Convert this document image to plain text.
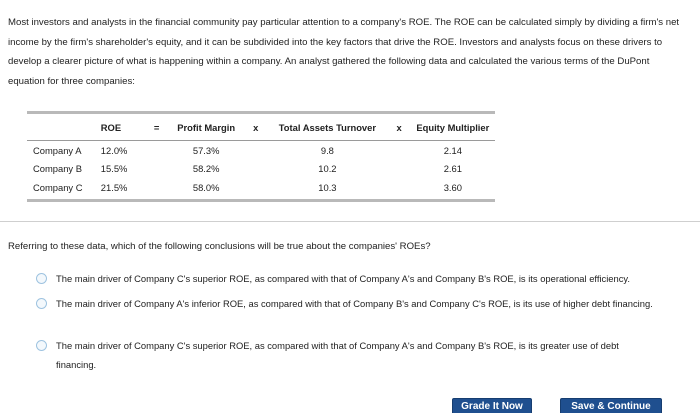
Most investors and analysts in the financial community pay particular attention to a company's ROE. The ROE can be calculated simply by dividing a firm's net income by the firm's shareholder's equity, and it can be subdivided into the key factors that drive the ROE. Investors and analysts focus on these drivers to develop a clearer picture of what is happening within a company. An analyst gathered the following data and calculated the various terms of the DuPont equation for three companies:

	ROE	=	Profit Margin	x	Total Assets Turnover	x	Equity Multiplier

Company A	12.0%		57.3%		9.8		2.14
Company B	15.5%		58.2%		10.2		2.61
Company C	21.5%		58.0%		10.3		3.60
Referring to these data, which of the following conclusions will be true about the companies' ROEs?
The main driver of Company C's superior ROE, as compared with that of Company A's and Company B's ROE, is its operational efficiency.
The main driver of Company A's inferior ROE, as compared with that of Company B's and Company C's ROE, is its use of higher debt financing.
The main driver of Company C's superior ROE, as compared with that of Company A's and Company B's ROE, is its greater use of debt financing.
Grade It Now	Save & Continue
